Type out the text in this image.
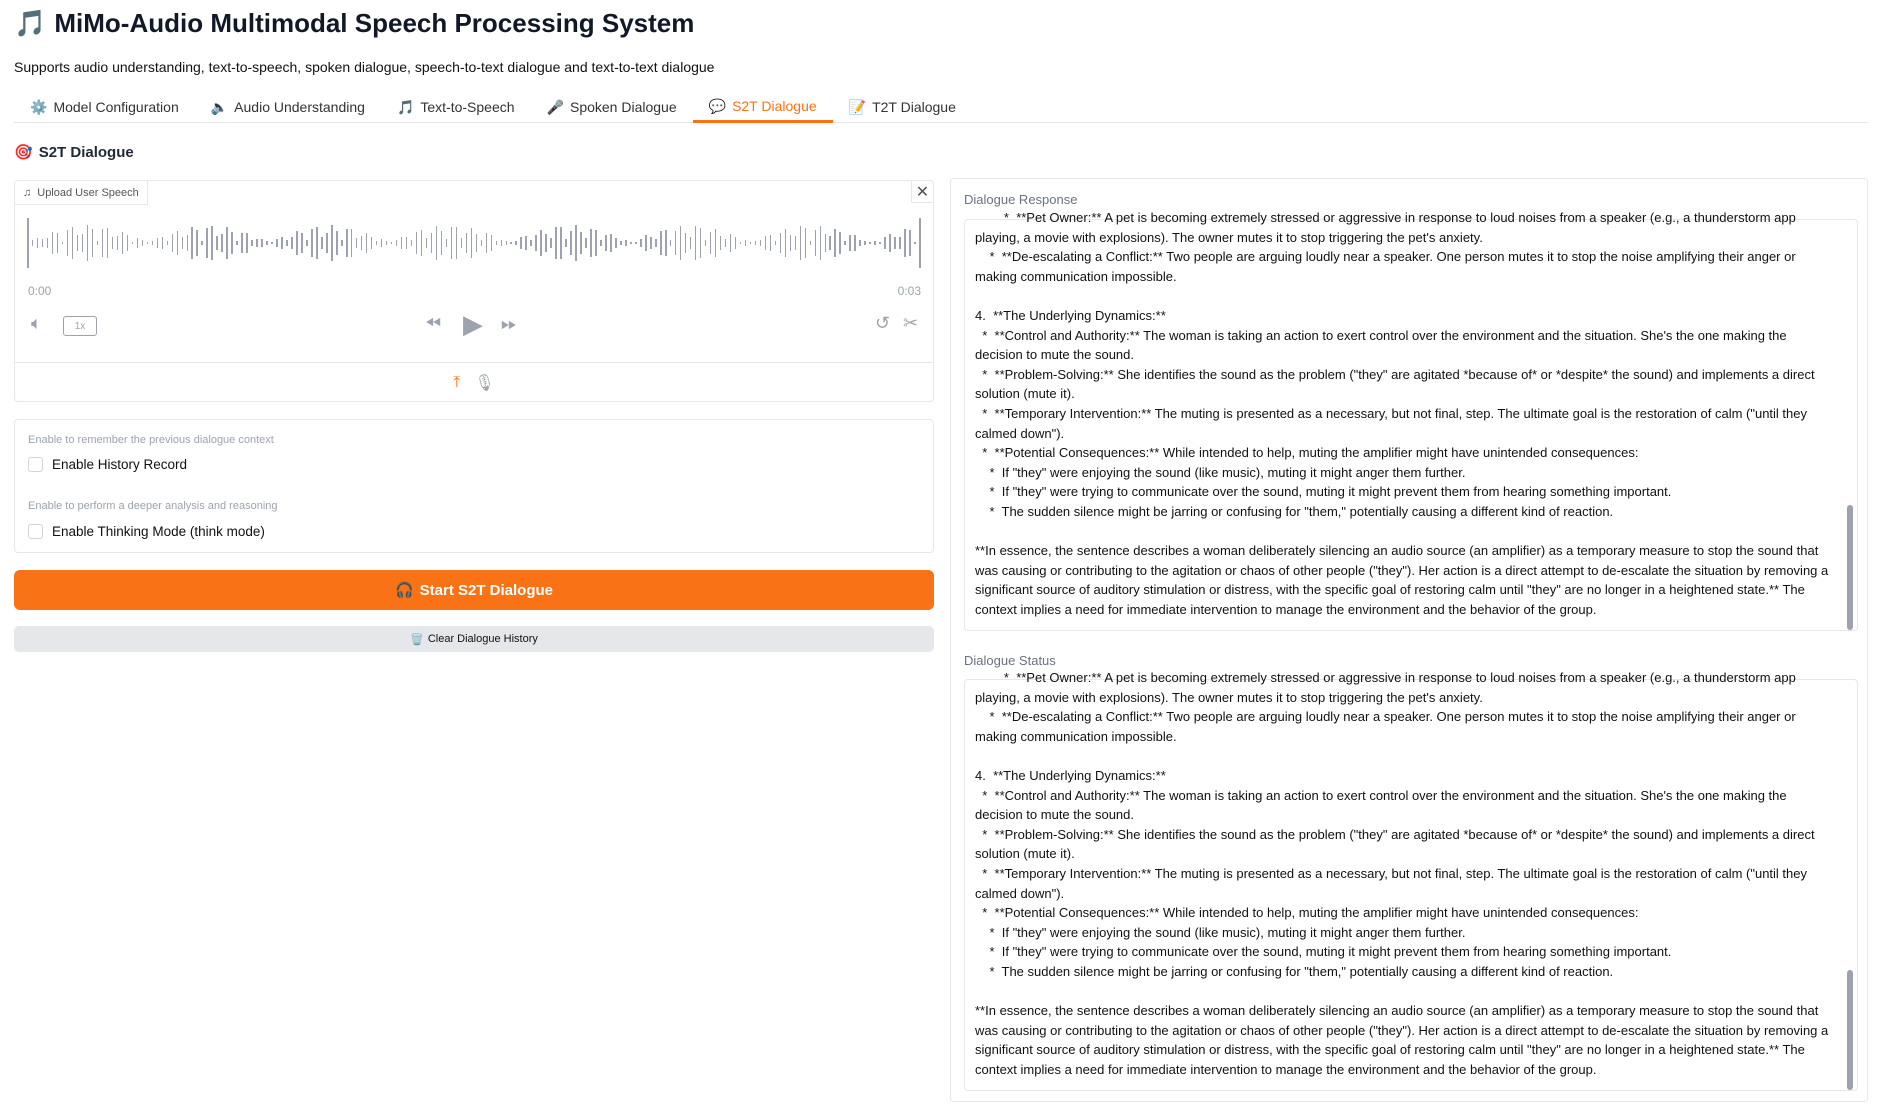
🎵 MiMo-Audio Multimodal Speech Processing System
Supports audio understanding, text-to-speech, spoken dialogue, speech-to-text dialogue and text-to-text dialogue
⚙️ Model Configuration 🔈 Audio Understanding 🎵 Text-to-Speech 🎤 Spoken Dialogue 💬 S2T Dialogue 📝 T2T Dialogue
🎯 S2T Dialogue
♫ Upload User Speech	✕
0:00	0:03
🔈︎	1x	⏪︎ ▶ ⏩︎	↺ ✂
⤒ 🎙︎
Enable to remember the previous dialogue context
Enable History Record
Enable to perform a deeper analysis and reasoning
Enable Thinking Mode (think mode)
🎧 Start S2T Dialogue
🗑️ Clear Dialogue History
Dialogue Response
*  **Pet Owner:** A pet is becoming extremely stressed or aggressive in response to loud noises from a speaker (e.g., a thunderstorm app playing, a movie with explosions). The owner mutes it to stop triggering the pet's anxiety.
*  **De-escalating a Conflict:** Two people are arguing loudly near a speaker. One person mutes it to stop the noise amplifying their anger or making communication impossible.

4.  **The Underlying Dynamics:**
*  **Control and Authority:** The woman is taking an action to exert control over the environment and the situation. She's the one making the decision to mute the sound.
*  **Problem-Solving:** She identifies the sound as the problem ("they" are agitated *because of* or *despite* the sound) and implements a direct solution (mute it).
*  **Temporary Intervention:** The muting is presented as a necessary, but not final, step. The ultimate goal is the restoration of calm ("until they calmed down").
*  **Potential Consequences:** While intended to help, muting the amplifier might have unintended consequences:
*  If "they" were enjoying the sound (like music), muting it might anger them further.
*  If "they" were trying to communicate over the sound, muting it might prevent them from hearing something important.
*  The sudden silence might be jarring or confusing for "them," potentially causing a different kind of reaction.

**In essence, the sentence describes a woman deliberately silencing an audio source (an amplifier) as a temporary measure to stop the sound that was causing or contributing to the agitation or chaos of other people ("they"). Her action is a direct attempt to de-escalate the situation by removing a significant source of auditory stimulation or distress, with the specific goal of restoring calm until "they" are no longer in a heightened state.** The context implies a need for immediate intervention to manage the environment and the behavior of the group.
Dialogue Status
*  **Pet Owner:** A pet is becoming extremely stressed or aggressive in response to loud noises from a speaker (e.g., a thunderstorm app playing, a movie with explosions). The owner mutes it to stop triggering the pet's anxiety.
*  **De-escalating a Conflict:** Two people are arguing loudly near a speaker. One person mutes it to stop the noise amplifying their anger or making communication impossible.

4.  **The Underlying Dynamics:**
*  **Control and Authority:** The woman is taking an action to exert control over the environment and the situation. She's the one making the decision to mute the sound.
*  **Problem-Solving:** She identifies the sound as the problem ("they" are agitated *because of* or *despite* the sound) and implements a direct solution (mute it).
*  **Temporary Intervention:** The muting is presented as a necessary, but not final, step. The ultimate goal is the restoration of calm ("until they calmed down").
*  **Potential Consequences:** While intended to help, muting the amplifier might have unintended consequences:
*  If "they" were enjoying the sound (like music), muting it might anger them further.
*  If "they" were trying to communicate over the sound, muting it might prevent them from hearing something important.
*  The sudden silence might be jarring or confusing for "them," potentially causing a different kind of reaction.

**In essence, the sentence describes a woman deliberately silencing an audio source (an amplifier) as a temporary measure to stop the sound that was causing or contributing to the agitation or chaos of other people ("they"). Her action is a direct attempt to de-escalate the situation by removing a significant source of auditory stimulation or distress, with the specific goal of restoring calm until "they" are no longer in a heightened state.** The context implies a need for immediate intervention to manage the environment and the behavior of the group.
